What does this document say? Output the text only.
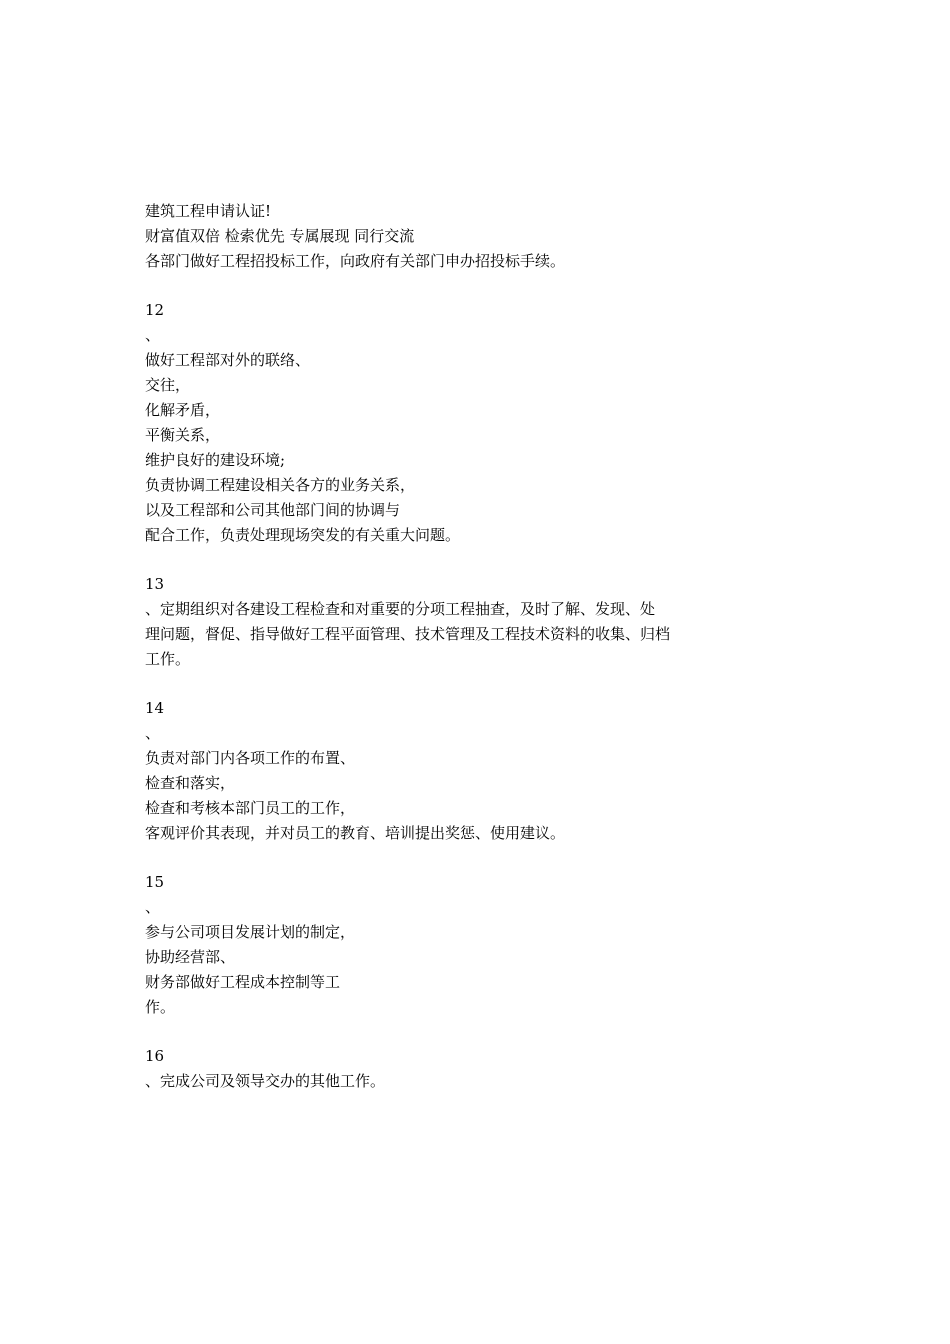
建筑工程申请认证!
财富值双倍 检索优先 专属展现 同行交流
各部门做好工程招投标工作，向政府有关部门申办招投标手续。
12
、
做好工程部对外的联络、
交往，
化解矛盾，
平衡关系，
维护良好的建设环境;
负责协调工程建设相关各方的业务关系，
以及工程部和公司其他部门间的协调与
配合工作，负责处理现场突发的有关重大问题。
13
、定期组织对各建设工程检查和对重要的分项工程抽查，及时了解、发现、处
理问题，督促、指导做好工程平面管理、技术管理及工程技术资料的收集、归档
工作。
14
、
负责对部门内各项工作的布置、
检查和落实，
检查和考核本部门员工的工作，
客观评价其表现，并对员工的教育、培训提出奖惩、使用建议。
15
、
参与公司项目发展计划的制定，
协助经营部、
财务部做好工程成本控制等工
作。
16
、完成公司及领导交办的其他工作。
